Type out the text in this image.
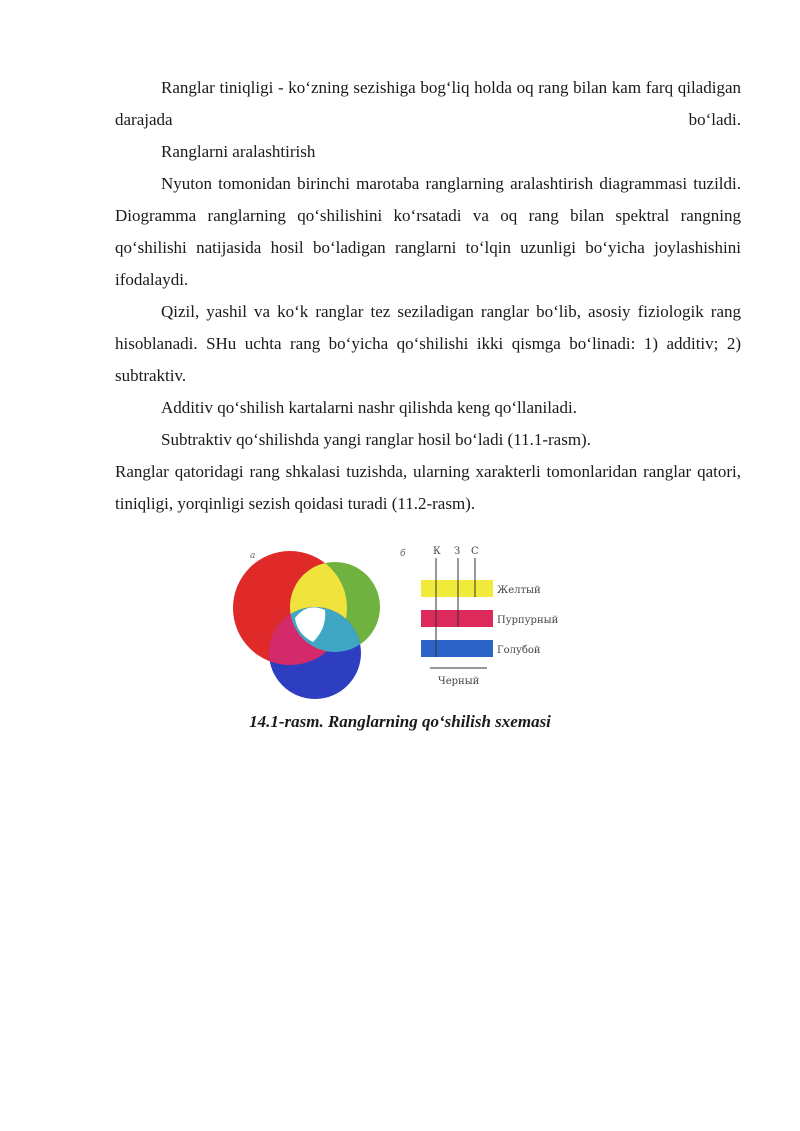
Ranglar tiniqligi - ko‘zning sezishiga bog‘liq holda oq rang bilan kam farq qiladigan darajada bo‘ladi.

Ranglarni aralashtirish

Nyuton tomonidan birinchi marotaba ranglarning aralashtirish diagrammasi tuzildi. Diogramma ranglarning qo‘shilishini ko‘rsatadi va oq rang bilan spektral rangning qo‘shilishi natijasida hosil bo‘ladigan ranglarni to‘lqin uzunligi bo‘yicha joylashishini ifodalaydi.

Qizil, yashil va ko‘k ranglar tez seziladigan ranglar bo‘lib, asosiy fiziologik rang hisoblanadi. SHu uchta rang bo‘yicha qo‘shilishi ikki qismga bo‘linadi: 1) additiv; 2) subtraktiv.

Additiv qo‘shilish kartalarni nashr qilishda keng qo‘llaniladi.

Subtraktiv qo‘shilishda yangi ranglar hosil bo‘ladi (11.1-rasm).

Ranglar qatoridagi rang shkalasi tuzishda, ularning xarakterli tomonlaridan ranglar qatori, tiniqligi, yorqinligi sezish qoidasi turadi (11.2-rasm).

а	б	К З С
Желтый
Пурпурный
Голубой
Черный
14.1-rasm. Ranglarning qo‘shilish sxemasi
